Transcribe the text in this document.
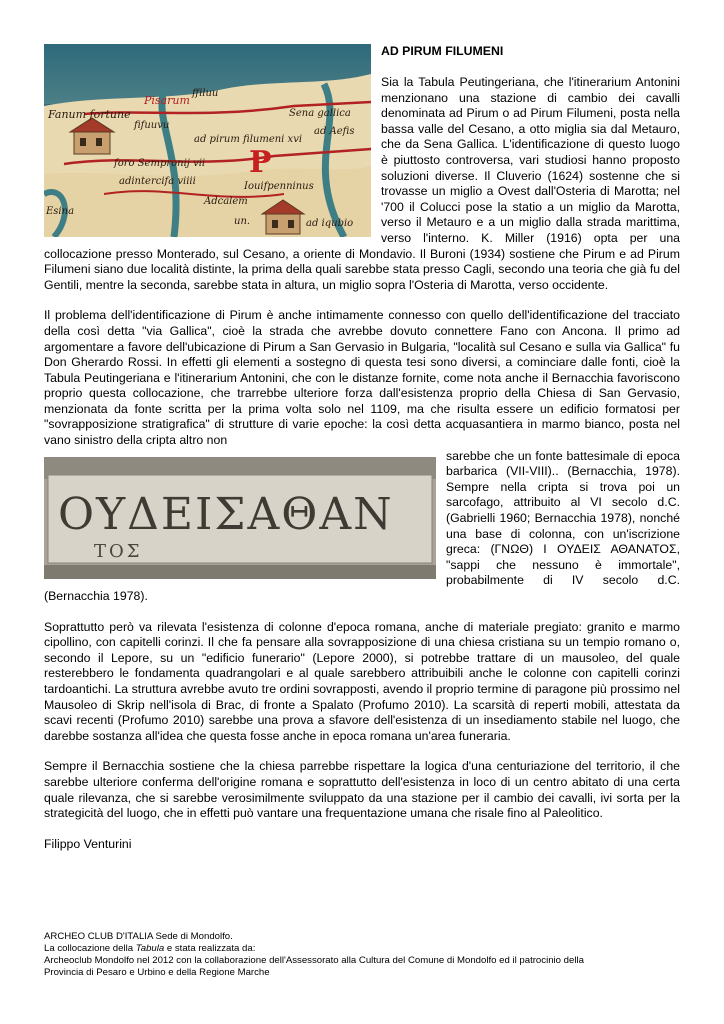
Fanum fortune
Pisarum
ffiluu
fifuuvu
ad pirum filumeni xvi
Sena gallica
ad Aefis
foro Sempronij vii
adintercifa viiii
Adcalem
Iouifpenninus
un.	ad iqubio
P
Esina
AD PIRUM FILUMENI

Sia la Tabula Peutingeriana, che l'itinerarium Antonini menzionano una stazione di cambio dei cavalli denominata ad Pirum o ad Pirum Filumeni, posta nella bassa valle del Cesano, a otto miglia sia dal Metauro, che da Sena Gallica. L'identificazione di questo luogo è piuttosto controversa, vari studiosi hanno proposto soluzioni diverse. Il Cluverio (1624) sostenne che si trovasse un miglio a Ovest dall'Osteria di Marotta; nel '700 il Colucci pose la statio a un miglio da Marotta, verso il Metauro e a un miglio dalla strada marittima, verso l'interno. K. Miller (1916) opta per una collocazione presso Monterado, sul Cesano, a oriente di Mondavio. Il Buroni (1934) sostiene che Pirum e ad Pirum Filumeni siano due località distinte, la prima della quali sarebbe stata presso Cagli, secondo una teoria che già fu del Gentili, mentre la seconda, sarebbe stata in altura, un miglio sopra l'Osteria di Marotta, verso occidente.

Il problema dell'identificazione di Pirum è anche intimamente connesso con quello dell'identificazione del tracciato della così detta "via Gallica", cioè la strada che avrebbe dovuto connettere Fano con Ancona. Il primo ad argomentare a favore dell'ubicazione di Pirum a San Gervasio in Bulgaria, "località sul Cesano e sulla via Gallica" fu Don Gherardo Rossi. In effetti gli elementi a sostegno di questa tesi sono diversi, a cominciare dalle fonti, cioè la Tabula Peutingeriana e l'itinerarium Antonini, che con le distanze fornite, come nota anche il Bernacchia favoriscono proprio questa collocazione, che trarrebbe ulteriore forza dall'esistenza proprio della Chiesa di San Gervasio, menzionata da fonte scritta per la prima volta solo nel 1109, ma che risulta essere un edificio formatosi per "sovrapposizione stratigrafica" di strutture di varie epoche: la così detta acquasantiera in marmo bianco, posta nel vano sinistro della cripta altro non

ΟΥΔΕΙΣΑΘΑΝ
ΤΟΣ

sarebbe che un fonte battesimale di epoca barbarica (VII-VIII).. (Bernacchia, 1978). Sempre nella cripta si trova poi un sarcofago, attribuito al VI secolo d.C. (Gabrielli 1960; Bernacchia 1978), nonché una base di colonna, con un'iscrizione greca: (ΓΝΩΘ) Ι ΟΥΔΕΙΣ ΑΘΑΝΑΤΟΣ, "sappi che nessuno è immortale", probabilmente di IV secolo d.C. (Bernacchia 1978).

Soprattutto però va rilevata l'esistenza di colonne d'epoca romana, anche di materiale pregiato: granito e marmo cipollino, con capitelli corinzi. Il che fa pensare alla sovrapposizione di una chiesa cristiana su un tempio romano o, secondo il Lepore, su un "edificio funerario" (Lepore 2000), si potrebbe trattare di un mausoleo, del quale resterebbero le fondamenta quadrangolari e al quale sarebbero attribuibili anche le colonne con capitelli corinzi tardoantichi. La struttura avrebbe avuto tre ordini sovrapposti, avendo il proprio termine di paragone più prossimo nel Mausoleo di Skrip nell'isola di Brac, di fronte a Spalato (Profumo 2010). La scarsità di reperti mobili, attestata da scavi recenti (Profumo 2010) sarebbe una prova a sfavore dell'esistenza di un insediamento stabile nel luogo, che darebbe sostanza all'idea che questa fosse anche in epoca romana un'area funeraria.

Sempre il Bernacchia sostiene che la chiesa parrebbe rispettare la logica d'una centuriazione del territorio, il che sarebbe ulteriore conferma dell'origine romana e soprattutto dell'esistenza in loco di un centro abitato di una certa quale rilevanza, che si sarebbe verosimilmente sviluppato da una stazione per il cambio dei cavalli, ivi sorta per la strategicità del luogo, che in effetti può vantare una frequentazione umana che risale fino al Paleolitico.

Filippo Venturini

ARCHEO CLUB D'ITALIA Sede di Mondolfo.

La collocazione della Tabula e stata realizzata da:

Archeoclub Mondolfo nel 2012 con la collaborazione dell'Assessorato alla Cultura del Comune di Mondolfo ed il patrocinio della

Provincia di Pesaro e Urbino e della Regione Marche
